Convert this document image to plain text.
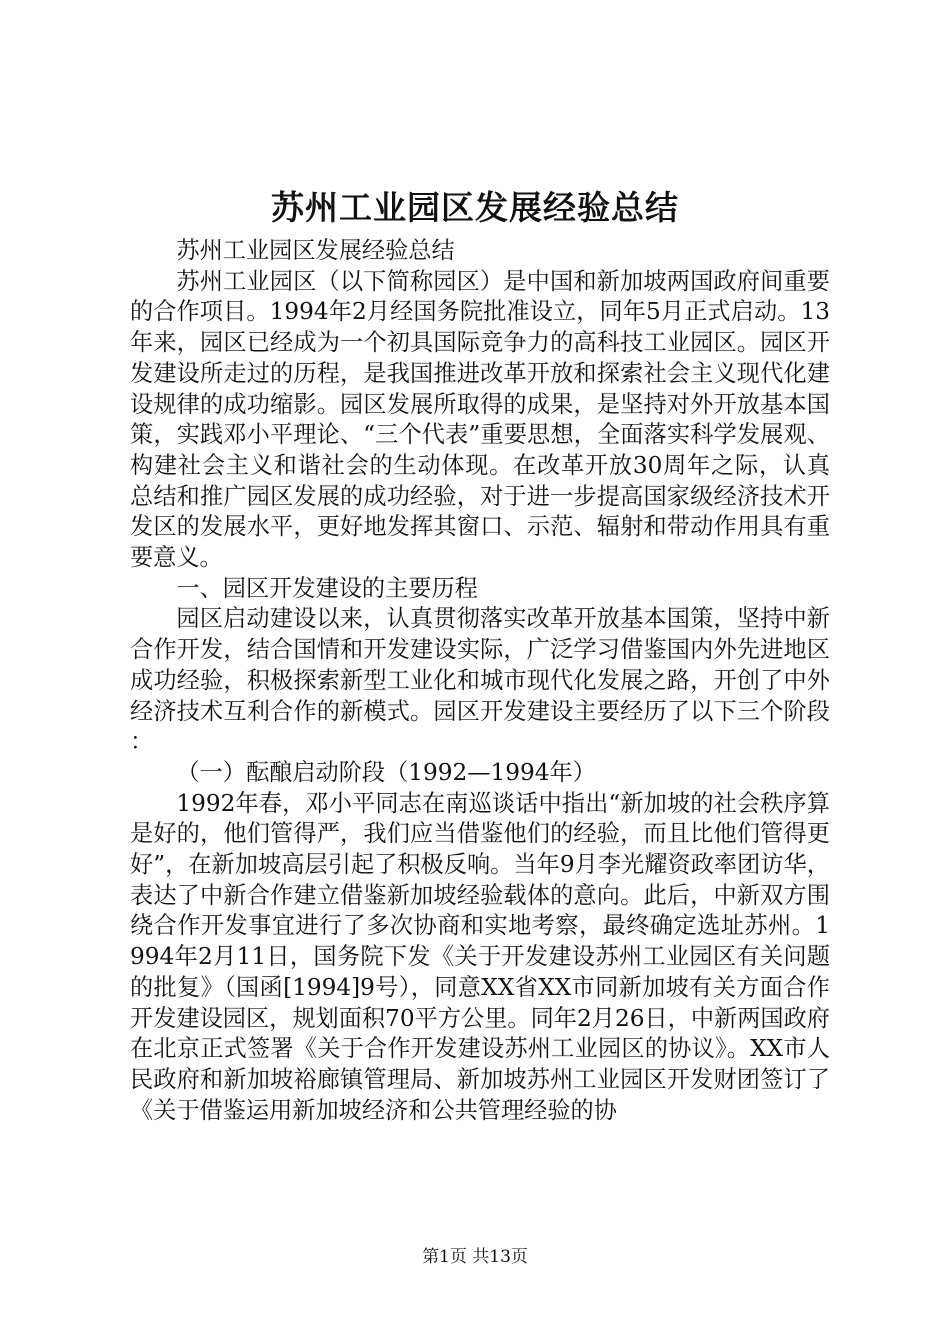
苏州工业园区发展经验总结

苏州工业园区发展经验总结

苏州工业园区（以下简称园区）是中国和新加坡两国政府间重要的合作项目。1994年2月经国务院批准设立，同年5月正式启动。13年来，园区已经成为一个初具国际竞争力的高科技工业园区。园区开发建设所走过的历程，是我国推进改革开放和探索社会主义现代化建设规律的成功缩影。园区发展所取得的成果，是坚持对外开放基本国策，实践邓小平理论、“三个代表”重要思想，全面落实科学发展观、构建社会主义和谐社会的生动体现。在改革开放30周年之际，认真总结和推广园区发展的成功经验，对于进一步提高国家级经济技术开发区的发展水平，更好地发挥其窗口、示范、辐射和带动作用具有重要意义。

一、园区开发建设的主要历程

园区启动建设以来，认真贯彻落实改革开放基本国策，坚持中新合作开发，结合国情和开发建设实际，广泛学习借鉴国内外先进地区成功经验，积极探索新型工业化和城市现代化发展之路，开创了中外经济技术互利合作的新模式。园区开发建设主要经历了以下三个阶段：

（一）酝酿启动阶段（1992—1994年）

1992年春，邓小平同志在南巡谈话中指出“新加坡的社会秩序算是好的，他们管得严，我们应当借鉴他们的经验，而且比他们管得更好”，在新加坡高层引起了积极反响。当年9月李光耀资政率团访华，表达了中新合作建立借鉴新加坡经验载体的意向。此后，中新双方围绕合作开发事宜进行了多次协商和实地考察，最终确定选址苏州。1994年2月11日，国务院下发《关于开发建设苏州工业园区有关问题的批复》（国函[1994]9号），同意XX省XX市同新加坡有关方面合作开发建设园区，规划面积70平方公里。同年2月26日，中新两国政府在北京正式签署《关于合作开发建设苏州工业园区的协议》。XX市人民政府和新加坡裕廊镇管理局、新加坡苏州工业园区开发财团签订了《关于借鉴运用新加坡经济和公共管理经验的协

第1页 共13页
